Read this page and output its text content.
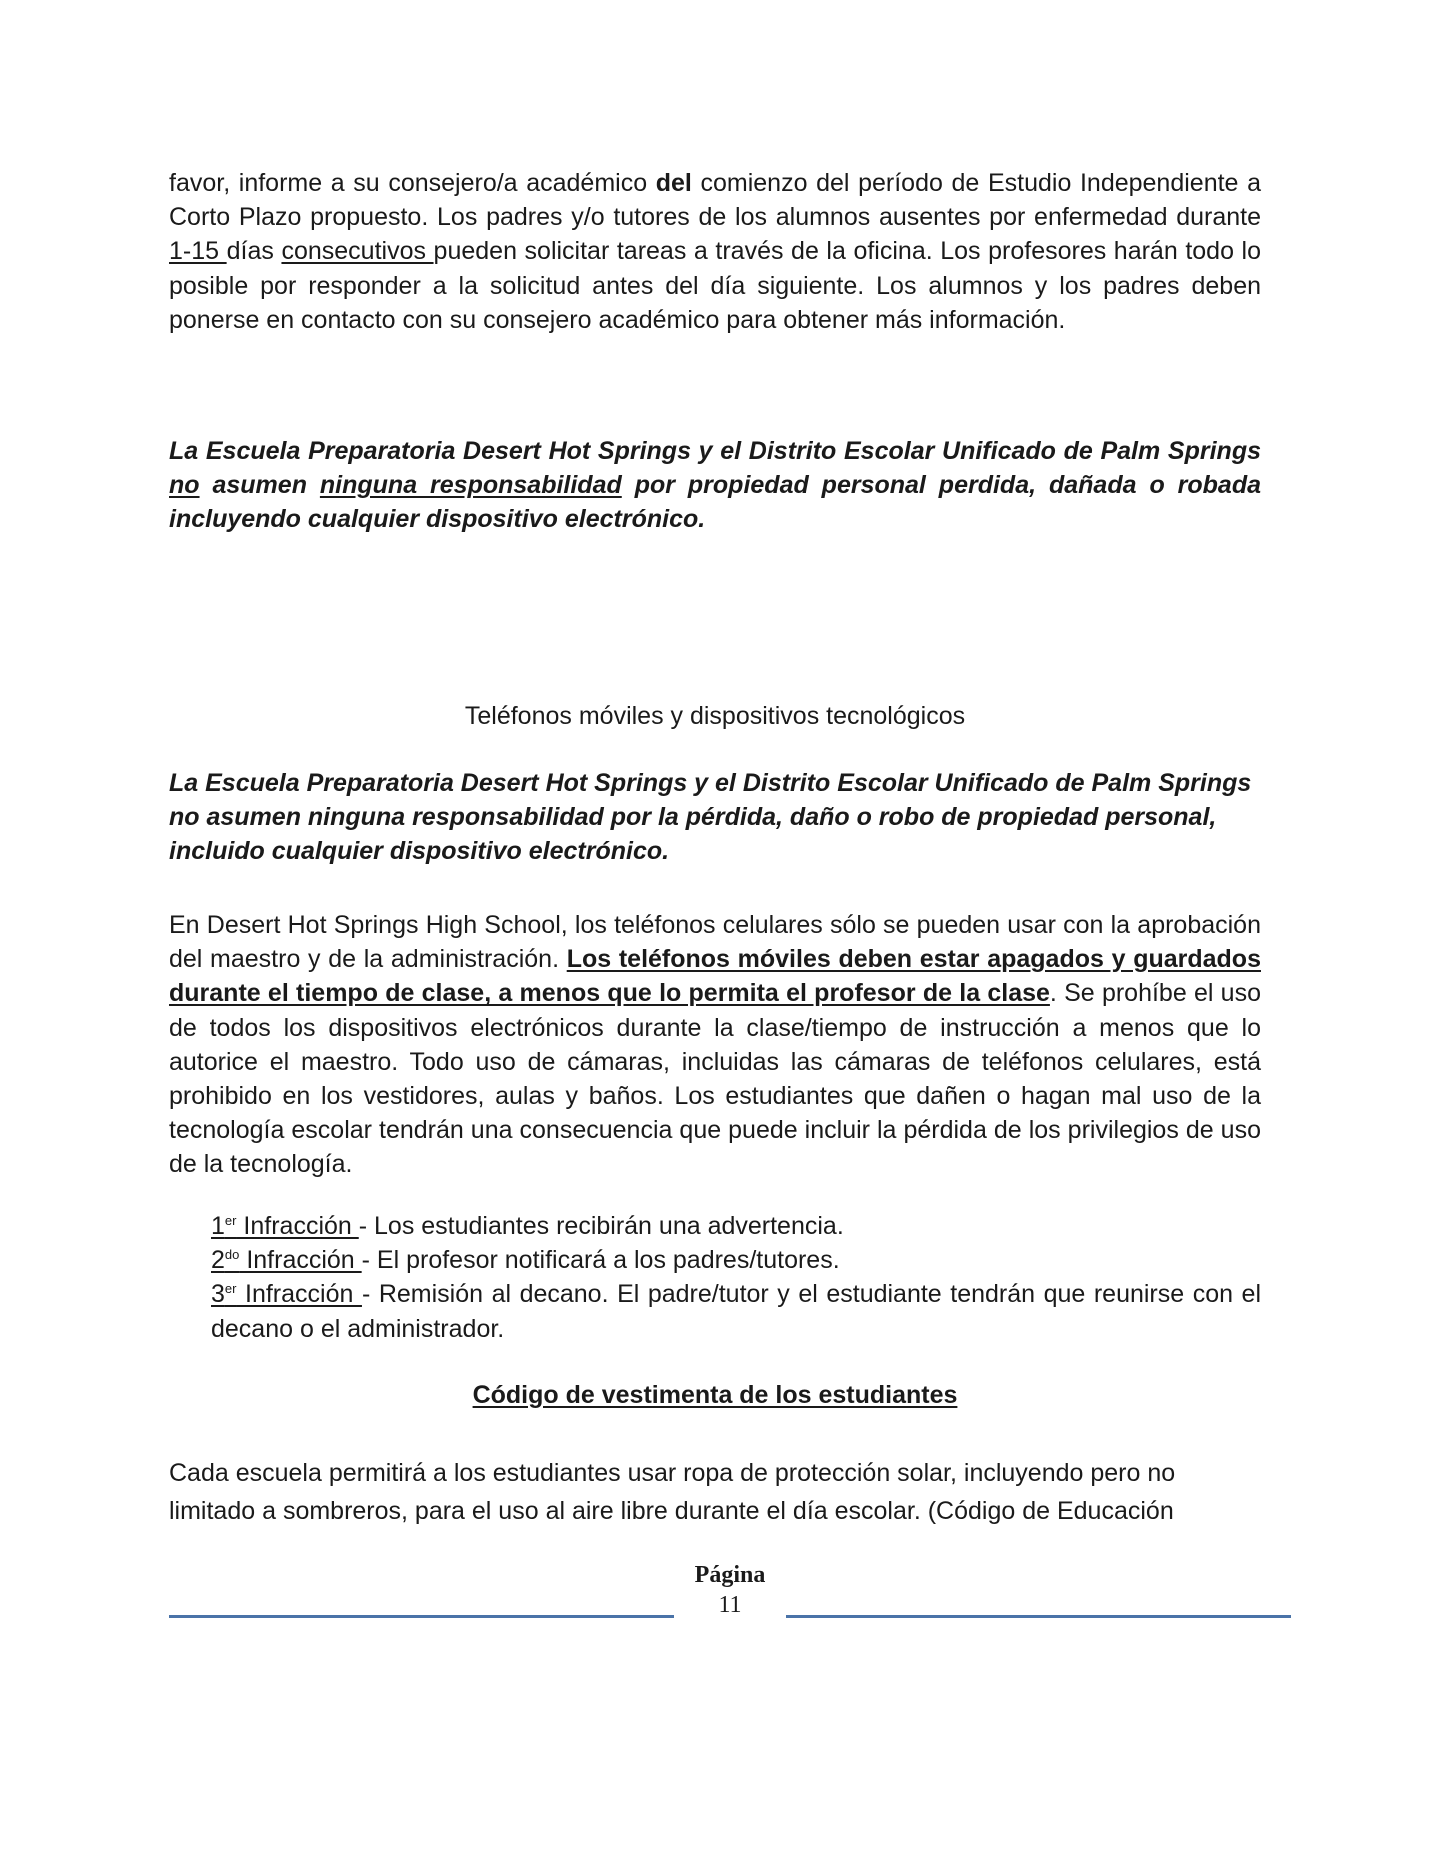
favor, informe a su consejero/a académico del comienzo del período de Estudio Independiente a Corto Plazo propuesto. Los padres y/o tutores de los alumnos ausentes por enfermedad durante 1-15 días consecutivos pueden solicitar tareas a través de la oficina. Los profesores harán todo lo posible por responder a la solicitud antes del día siguiente. Los alumnos y los padres deben ponerse en contacto con su consejero académico para obtener más información.

La Escuela Preparatoria Desert Hot Springs y el Distrito Escolar Unificado de Palm Springs no asumen ninguna responsabilidad por propiedad personal perdida, dañada o robada incluyendo cualquier dispositivo electrónico.

Teléfonos móviles y dispositivos tecnológicos

La Escuela Preparatoria Desert Hot Springs y el Distrito Escolar Unificado de Palm Springs no asumen ninguna responsabilidad por la pérdida, daño o robo de propiedad personal, incluido cualquier dispositivo electrónico.

En Desert Hot Springs High School, los teléfonos celulares sólo se pueden usar con la aprobación del maestro y de la administración. Los teléfonos móviles deben estar apagados y guardados durante el tiempo de clase, a menos que lo permita el profesor de la clase. Se prohíbe el uso de todos los dispositivos electrónicos durante la clase/tiempo de instrucción a menos que lo autorice el maestro. Todo uso de cámaras, incluidas las cámaras de teléfonos celulares, está prohibido en los vestidores, aulas y baños. Los estudiantes que dañen o hagan mal uso de la tecnología escolar tendrán una consecuencia que puede incluir la pérdida de los privilegios de uso de la tecnología.

1er Infracción - Los estudiantes recibirán una advertencia.
$2^{do}$ Infracción - El profesor notificará a los padres/tutores.
3er Infracción - Remisión al decano. El padre/tutor y el estudiante tendrán que reunirse con el decano o el administrador.
Código de vestimenta de los estudiantes

Cada escuela permitirá a los estudiantes usar ropa de protección solar, incluyendo pero no limitado a sombreros, para el uso al aire libre durante el día escolar. (Código de Educación

Página
11
